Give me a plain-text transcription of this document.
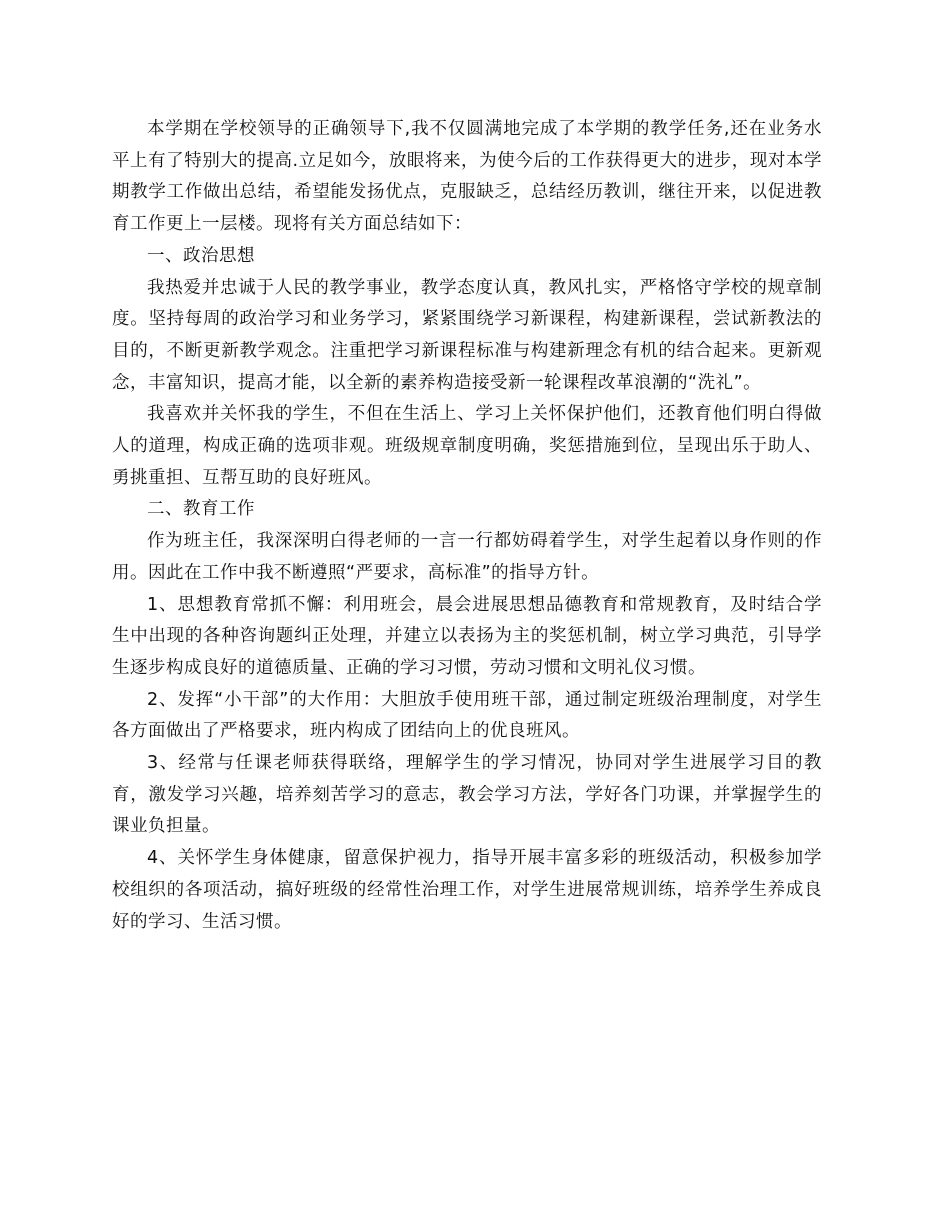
本学期在学校领导的正确领导下,我不仅圆满地完成了本学期的教学任务,还在业务水平上有了特别大的提高.立足如今，放眼将来，为使今后的工作获得更大的进步，现对本学期教学工作做出总结，希望能发扬优点，克服缺乏，总结经历教训，继往开来，以促进教育工作更上一层楼。现将有关方面总结如下：

一、政治思想

我热爱并忠诚于人民的教学事业，教学态度认真，教风扎实，严格恪守学校的规章制度。坚持每周的政治学习和业务学习，紧紧围绕学习新课程，构建新课程，尝试新教法的目的，不断更新教学观念。注重把学习新课程标准与构建新理念有机的结合起来。更新观念，丰富知识，提高才能，以全新的素养构造接受新一轮课程改革浪潮的“洗礼”。

我喜欢并关怀我的学生，不但在生活上、学习上关怀保护他们，还教育他们明白得做人的道理，构成正确的选项非观。班级规章制度明确，奖惩措施到位，呈现出乐于助人、勇挑重担、互帮互助的良好班风。

二、教育工作

作为班主任，我深深明白得老师的一言一行都妨碍着学生，对学生起着以身作则的作用。因此在工作中我不断遵照“严要求，高标准”的指导方针。

1、思想教育常抓不懈：利用班会，晨会进展思想品德教育和常规教育，及时结合学生中出现的各种咨询题纠正处理，并建立以表扬为主的奖惩机制，树立学习典范，引导学生逐步构成良好的道德质量、正确的学习习惯，劳动习惯和文明礼仪习惯。

2、发挥“小干部”的大作用：大胆放手使用班干部，通过制定班级治理制度，对学生各方面做出了严格要求，班内构成了团结向上的优良班风。

3、经常与任课老师获得联络，理解学生的学习情况，协同对学生进展学习目的教育，激发学习兴趣，培养刻苦学习的意志，教会学习方法，学好各门功课，并掌握学生的课业负担量。

4、关怀学生身体健康，留意保护视力，指导开展丰富多彩的班级活动，积极参加学校组织的各项活动，搞好班级的经常性治理工作，对学生进展常规训练，培养学生养成良好的学习、生活习惯。
